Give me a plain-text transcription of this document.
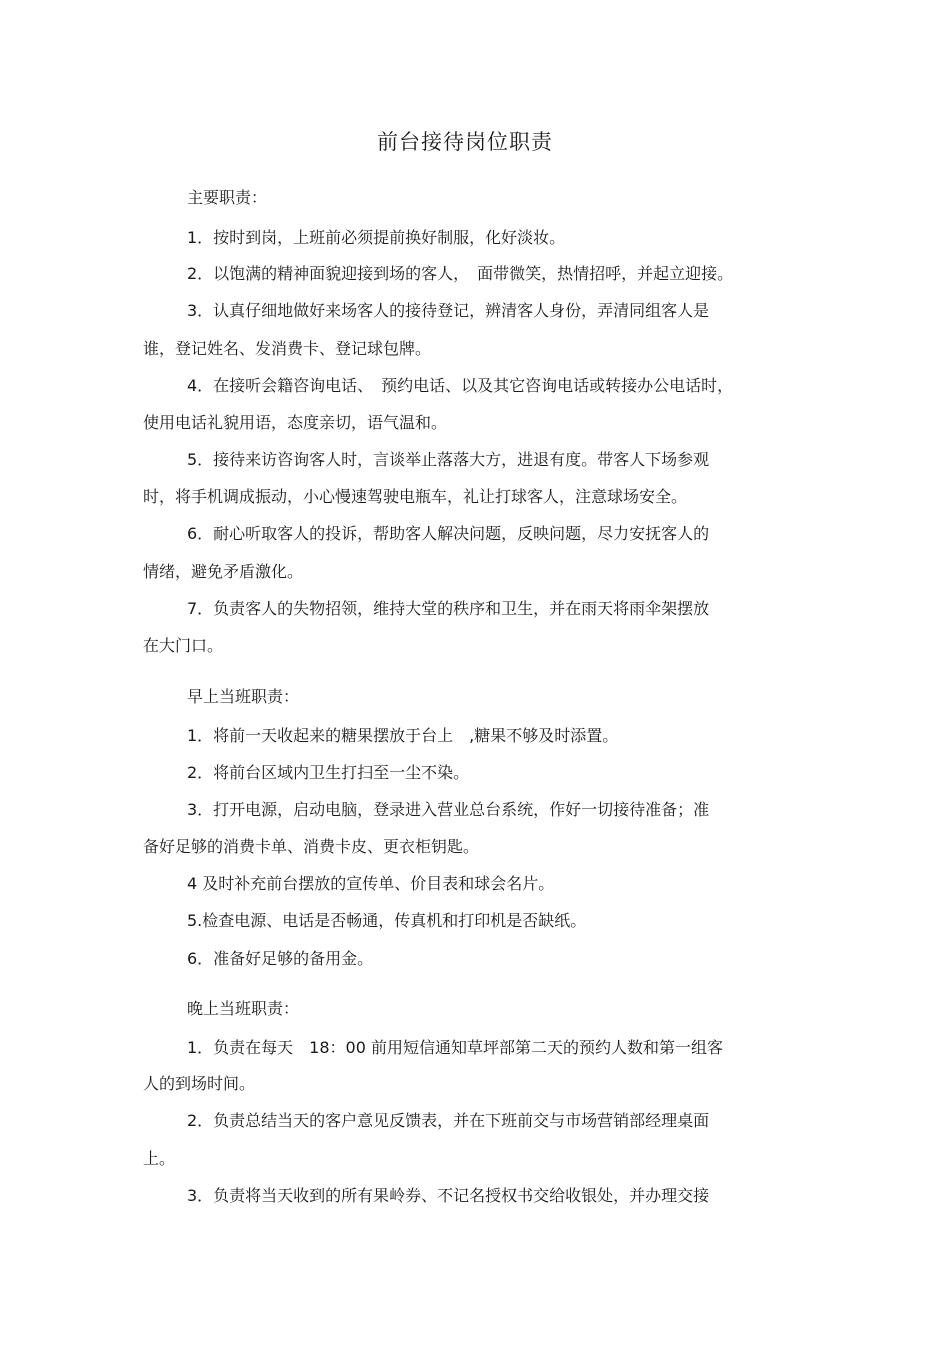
前台接待岗位职责
主要职责：
1．按时到岗，上班前必须提前换好制服，化好淡妆。
2．以饱满的精神面貌迎接到场的客人，　面带微笑，热情招呼，并起立迎接。
3．认真仔细地做好来场客人的接待登记，辨清客人身份，弄清同组客人是
谁，登记姓名、发消费卡、登记球包牌。
4．在接听会籍咨询电话、　预约电话、以及其它咨询电话或转接办公电话时，
使用电话礼貌用语，态度亲切，语气温和。
5．接待来访咨询客人时，言谈举止落落大方，进退有度。带客人下场参观
时，将手机调成振动，小心慢速驾驶电瓶车，礼让打球客人，注意球场安全。
6．耐心听取客人的投诉，帮助客人解决问题，反映问题，尽力安抚客人的
情绪，避免矛盾激化。
7．负责客人的失物招领，维持大堂的秩序和卫生，并在雨天将雨伞架摆放
在大门口。
早上当班职责：
1．将前一天收起来的糖果摆放于台上　,糖果不够及时添置。
2．将前台区域内卫生打扫至一尘不染。
3．打开电源，启动电脑，登录进入营业总台系统，作好一切接待准备；准
备好足够的消费卡单、消费卡皮、更衣柜钥匙。
4 及时补充前台摆放的宣传单、价目表和球会名片。
5.检查电源、电话是否畅通，传真机和打印机是否缺纸。
6．准备好足够的备用金。
晚上当班职责：
1．负责在每天　18：00 前用短信通知草坪部第二天的预约人数和第一组客
人的到场时间。
2．负责总结当天的客户意见反馈表，并在下班前交与市场营销部经理桌面
上。
3．负责将当天收到的所有果岭券、不记名授权书交给收银处，并办理交接
